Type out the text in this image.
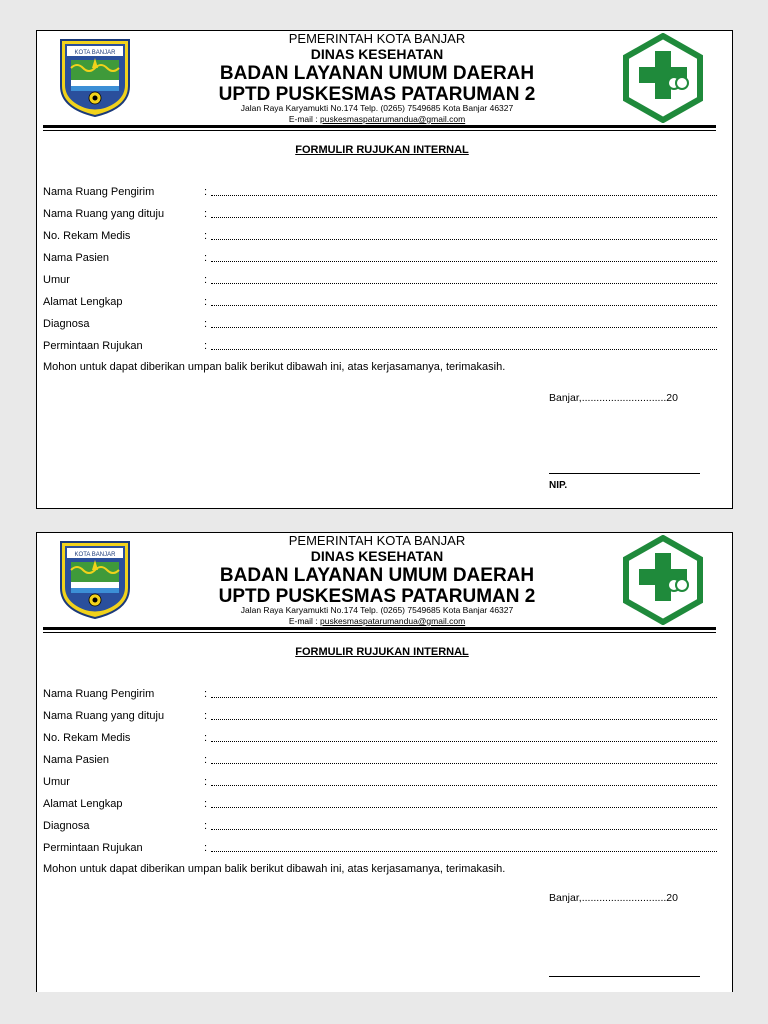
KOTA BANJAR
PEMERINTAH KOTA BANJAR
DINAS KESEHATAN
BADAN LAYANAN UMUM DAERAH
UPTD PUSKESMAS PATARUMAN 2
Jalan Raya Karyamukti No.174 Telp. (0265) 7549685 Kota Banjar 46327
E-mail : puskesmaspatarumandua@gmail.com
FORMULIR RUJUKAN INTERNAL
Nama Ruang Pengirim	:
Nama Ruang yang dituju	:
No. Rekam Medis	:
Nama Pasien	:
Umur	:
Alamat Lengkap	:
Diagnosa	:
Permintaan Rujukan	:
Mohon untuk dapat diberikan umpan balik berikut dibawah ini, atas kerjasamanya, terimakasih.
Banjar,.............................20
NIP.
KOTA BANJAR
PEMERINTAH KOTA BANJAR
DINAS KESEHATAN
BADAN LAYANAN UMUM DAERAH
UPTD PUSKESMAS PATARUMAN 2
Jalan Raya Karyamukti No.174 Telp. (0265) 7549685 Kota Banjar 46327
E-mail : puskesmaspatarumandua@gmail.com
FORMULIR RUJUKAN INTERNAL
Nama Ruang Pengirim	:
Nama Ruang yang dituju	:
No. Rekam Medis	:
Nama Pasien	:
Umur	:
Alamat Lengkap	:
Diagnosa	:
Permintaan Rujukan	:
Mohon untuk dapat diberikan umpan balik berikut dibawah ini, atas kerjasamanya, terimakasih.
Banjar,.............................20
